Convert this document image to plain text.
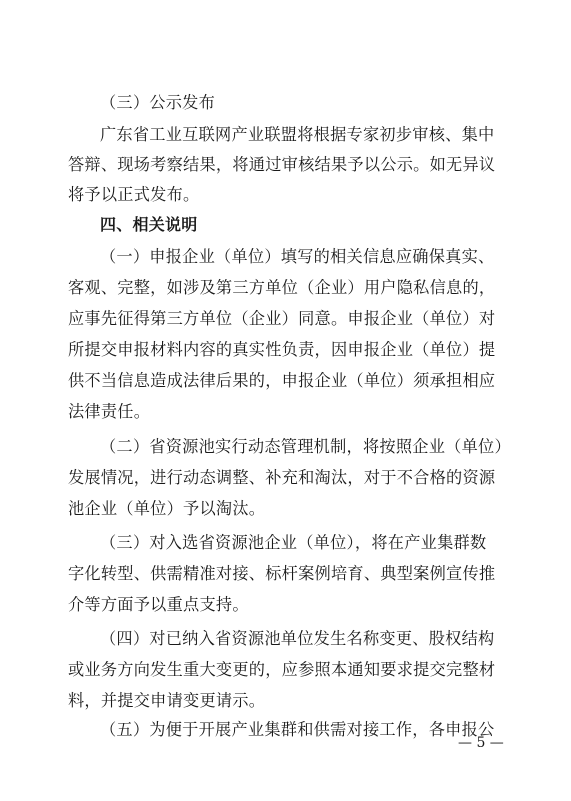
（三）公示发布
广东省工业互联网产业联盟将根据专家初步审核、集中
答辩、现场考察结果，将通过审核结果予以公示。如无异议
将予以正式发布。
四、相关说明
（一）申报企业（单位）填写的相关信息应确保真实、
客观、完整，如涉及第三方单位（企业）用户隐私信息的，
应事先征得第三方单位（企业）同意。申报企业（单位）对
所提交申报材料内容的真实性负责，因申报企业（单位）提
供不当信息造成法律后果的，申报企业（单位）须承担相应
法律责任。
（二）省资源池实行动态管理机制，将按照企业（单位）
发展情况，进行动态调整、补充和淘汰，对于不合格的资源
池企业（单位）予以淘汰。
（三）对入选省资源池企业（单位），将在产业集群数
字化转型、供需精准对接、标杆案例培育、典型案例宣传推
介等方面予以重点支持。
（四）对已纳入省资源池单位发生名称变更、股权结构
或业务方向发生重大变更的，应参照本通知要求提交完整材
料，并提交申请变更请示。
（五）为便于开展产业集群和供需对接工作，各申报公
— 5 —
